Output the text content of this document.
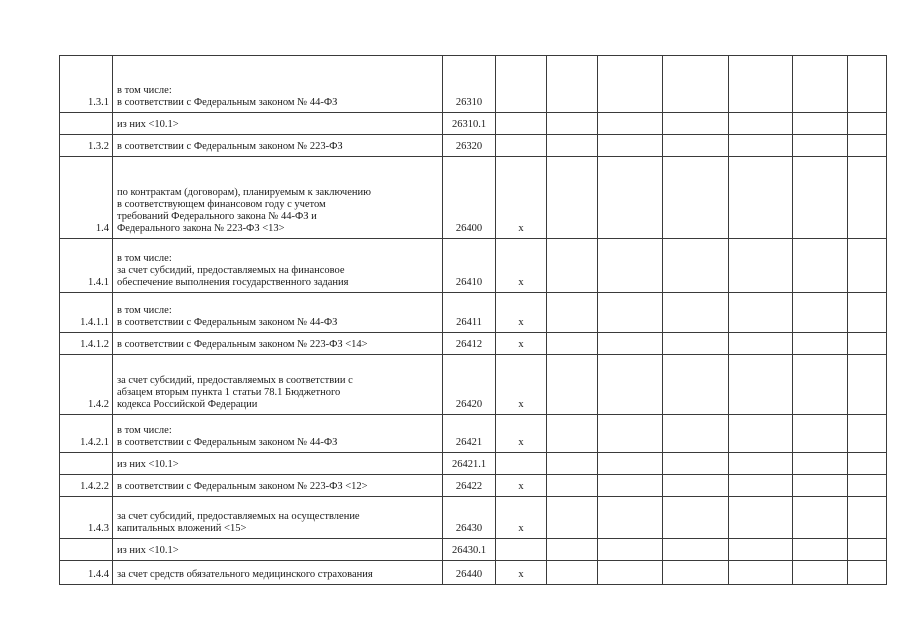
1.3.1	в том числе:
в соответствии с Федеральным законом № 44-ФЗ	26310							
	из них <10.1>	26310.1							
1.3.2	в соответствии с Федеральным законом № 223-ФЗ	26320							
1.4	по контрактам (договорам), планируемым к заключению
в соответствующем финансовом году с учетом
требований Федерального закона № 44-ФЗ и
Федерального закона № 223-ФЗ <13>	26400	x						
1.4.1	в том числе:
за счет субсидий, предоставляемых на финансовое
обеспечение выполнения государственного задания	26410	x						
1.4.1.1	в том числе:
в соответствии с Федеральным законом № 44-ФЗ	26411	x						
1.4.1.2	в соответствии с Федеральным законом № 223-ФЗ <14>	26412	x						
1.4.2	за счет субсидий, предоставляемых в соответствии с
абзацем вторым пункта 1 статьи 78.1 Бюджетного
кодекса Российской Федерации	26420	x						
1.4.2.1	в том числе:
в соответствии с Федеральным законом № 44-ФЗ	26421	x						
	из них <10.1>	26421.1							
1.4.2.2	в соответствии с Федеральным законом № 223-ФЗ <12>	26422	x						
1.4.3	за счет субсидий, предоставляемых на осуществление
капитальных вложений <15>	26430	x						
	из них <10.1>	26430.1							
1.4.4	за счет средств обязательного медицинского страхования	26440	x						
